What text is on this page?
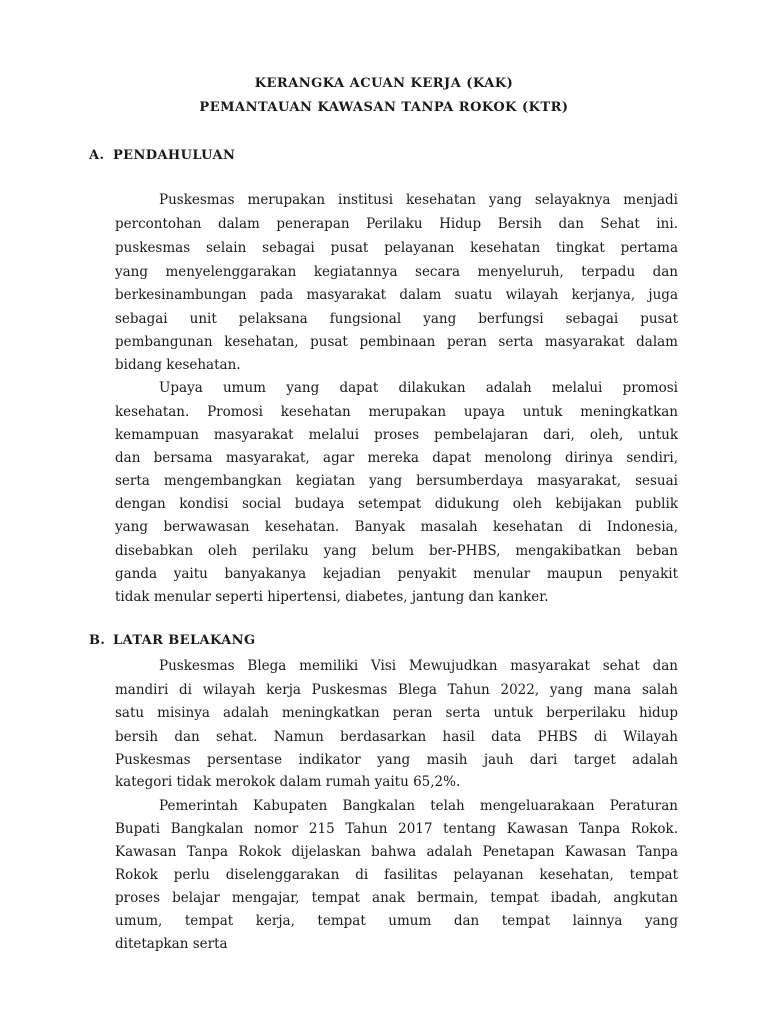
KERANGKA ACUAN KERJA (KAK)
PEMANTAUAN KAWASAN TANPA ROKOK (KTR)
A. PENDAHULUAN
Puskesmas merupakan institusi kesehatan yang selayaknya menjadi
percontohan dalam penerapan Perilaku Hidup Bersih dan Sehat ini.
puskesmas selain sebagai pusat pelayanan kesehatan tingkat pertama
yang menyelenggarakan kegiatannya secara menyeluruh, terpadu dan
berkesinambungan pada masyarakat dalam suatu wilayah kerjanya, juga
sebagai unit pelaksana fungsional yang berfungsi sebagai pusat
pembangunan kesehatan, pusat pembinaan peran serta masyarakat dalam
bidang kesehatan.
Upaya umum yang dapat dilakukan adalah melalui promosi
kesehatan. Promosi kesehatan merupakan upaya untuk meningkatkan
kemampuan masyarakat melalui proses pembelajaran dari, oleh, untuk
dan bersama masyarakat, agar mereka dapat menolong dirinya sendiri,
serta mengembangkan kegiatan yang bersumberdaya masyarakat, sesuai
dengan kondisi social budaya setempat didukung oleh kebijakan publik
yang berwawasan kesehatan. Banyak masalah kesehatan di Indonesia,
disebabkan oleh perilaku yang belum ber-PHBS, mengakibatkan beban
ganda yaitu banyakanya kejadian penyakit menular maupun penyakit
tidak menular seperti hipertensi, diabetes, jantung dan kanker.
B. LATAR BELAKANG
Puskesmas Blega memiliki Visi Mewujudkan masyarakat sehat dan
mandiri di wilayah kerja Puskesmas Blega Tahun 2022, yang mana salah
satu misinya adalah meningkatkan peran serta untuk berperilaku hidup
bersih dan sehat. Namun berdasarkan hasil data PHBS di Wilayah
Puskesmas persentase indikator yang masih jauh dari target adalah
kategori tidak merokok dalam rumah yaitu 65,2%.
Pemerintah Kabupaten Bangkalan telah mengeluarakaan Peraturan
Bupati Bangkalan nomor 215 Tahun 2017 tentang Kawasan Tanpa Rokok.
Kawasan Tanpa Rokok dijelaskan bahwa adalah Penetapan Kawasan Tanpa
Rokok perlu diselenggarakan di fasilitas pelayanan kesehatan, tempat
proses belajar mengajar, tempat anak bermain, tempat ibadah, angkutan
umum, tempat kerja, tempat umum dan tempat lainnya yang
ditetapkan serta
